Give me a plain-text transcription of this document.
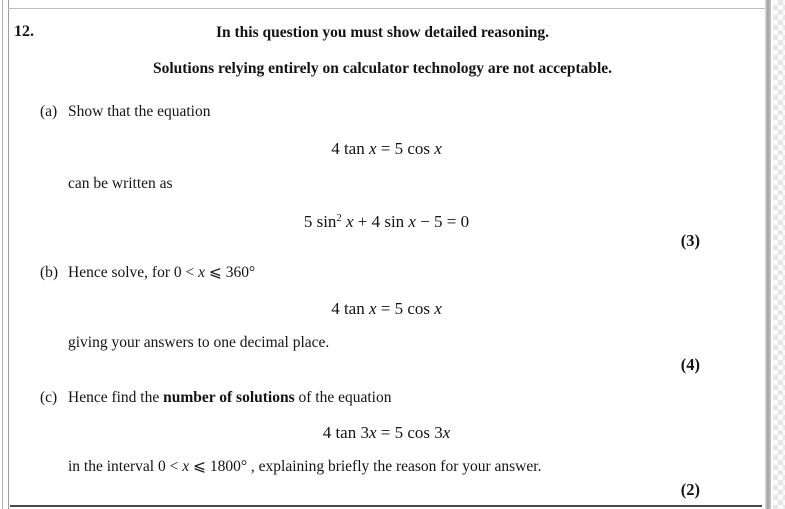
12.	In this question you must show detailed reasoning.
Solutions relying entirely on calculator technology are not acceptable.
(a) Show that the equation
4 tan x = 5 cos x
can be written as
5 $\sin^2 x + 4$ sin x − 5 = 0
(3)
(b) Hence solve, for 0 < x ⩽ 360°
4 tan x = 5 cos x
giving your answers to one decimal place.
(4)
(c) Hence find the number of solutions of the equation
4 tan 3x = 5 cos 3x
in the interval 0 < x ⩽ 1800° , explaining briefly the reason for your answer.
(2)
